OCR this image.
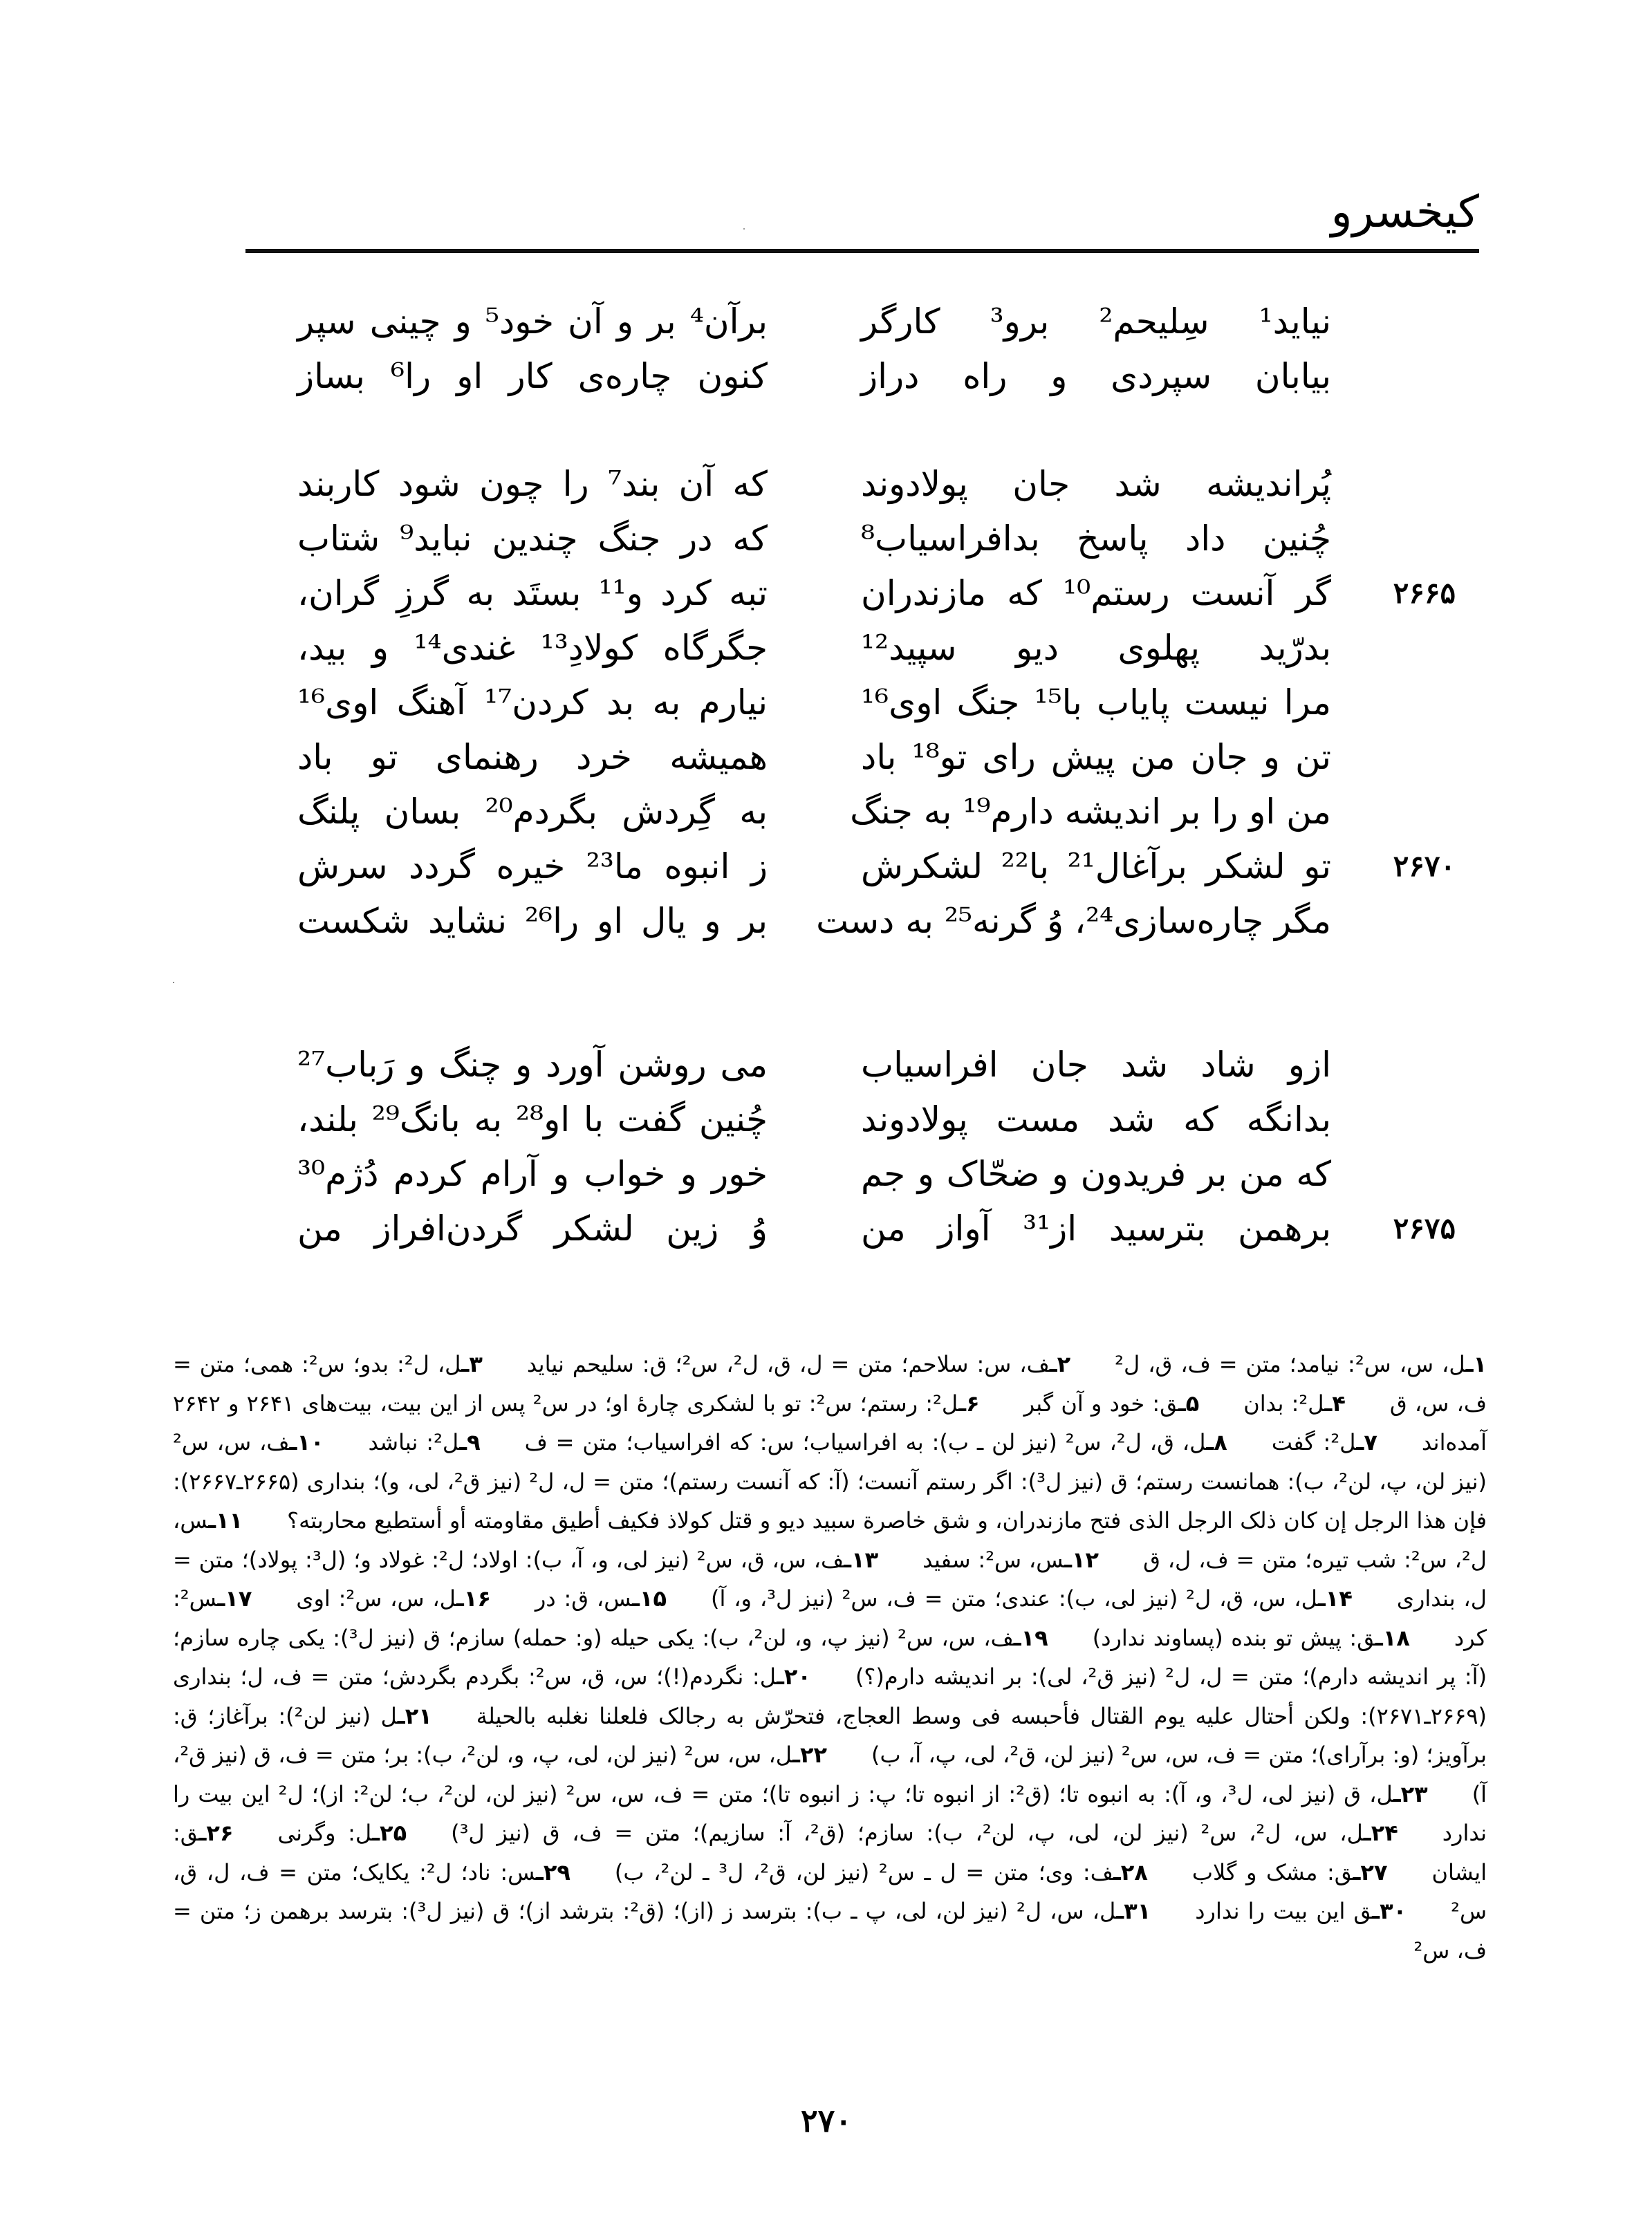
کیخسرو
نیاید¹ سِلیحم² برو³ کارگر
برآن⁴ بر و آن خود⁵ و چینی سپر
بیابان سپردی و راه دراز
کنون چاره‌ی کار او را⁶ بساز
پُراندیشه شد جان پولادوند
که آن بند⁷ را چون شود کاربند
چُنین داد پاسخ بدافراسیاب⁸
که در جنگ چندین نباید⁹ شتاب
۲۶۶۵
گر آنست رستم¹⁰ که مازندران
تبه کرد و¹¹ بستَد به گرزِ گران،
بدرّید پهلوی دیو سپید¹²
جگرگاه کولادِ¹³ غندی¹⁴ و بید،
مرا نیست پایاب با¹⁵ جنگ اوی¹⁶
نیارم به بد کردن¹⁷ آهنگ اوی¹⁶
تن و جان من پیش رای تو¹⁸ باد
همیشه خرد رهنمای تو باد
من او را بر اندیشه دارم¹⁹ به جنگ
به گِردش بگردم²⁰ بسان پلنگ
۲۶۷۰
تو لشکر برآغال²¹ با²² لشکرش
ز انبوه ما²³ خیره گردد سرش
مگر چاره‌سازی²⁴، وُ گرنه²⁵ به دست
بر و یال او را²⁶ نشاید شکست
ازو شاد شد جان افراسیاب
می روشن آورد و چنگ و رَباب²⁷
بدانگه که شد مست پولادوند
چُنین گفت با او²⁸ به بانگ²⁹ بلند،
که من بر فریدون و ضحّاک و جم
خور و خواب و آرام کردم دُژم³⁰
۲۶۷۵
برهمن بترسید از³¹ آواز من
وُ زین لشکر گردن‌افراز من
۱ـل، س، س²: نیامد؛ متن = ف، ق، ل²  ۲ـف، س: سلاحم؛ متن = ل، ق، ل²، س²؛ ق: سلیحم نیاید  ۳ـل، ل²: بدو؛ س²: همی؛ متن = ف، س، ق  ۴ـل²: بدان  ۵ـق: خود و آن گبر  ۶ـل²: رستم؛ س²: تو با لشکری چارهٔ او؛ در س² پس از این بیت، بیت‌های ۲۶۴۱ و ۲۶۴۲ آمده‌اند  ۷ـل²: گفت  ۸ـل، ق، ل²، س² (نیز لن ـ ب): به افراسیاب؛ س: که افراسیاب؛ متن = ف  ۹ـل²: نباشد  ۱۰ـف، س، س² (نیز لن، پ، لن²، ب): همانست رستم؛ ق (نیز ل³): اگر رستم آنست؛ (آ: که آنست رستم)؛ متن = ل، ل² (نیز ق²، لی، و)؛ بنداری (۲۶۶۵ـ۲۶۶۷): فإن هذا الرجل إن کان ذلک الرجل الذی فتح مازندران، و شق خاصرة سبید دیو و قتل کولاذ فکیف أطیق مقاومته أو أستطیع محاربته؟  ۱۱ـس، ل²، س²: شب تیره؛ متن = ف، ل، ق  ۱۲ـس، س²: سفید  ۱۳ـف، س، ق، س² (نیز لی، و، آ، ب): اولاد؛ ل²: غولاد و؛ (ل³: پولاد)؛ متن = ل، بنداری  ۱۴ـل، س، ق، ل² (نیز لی، ب): عندی؛ متن = ف، س² (نیز ل³، و، آ)  ۱۵ـس، ق: در  ۱۶ـل، س، س²: اوی  ۱۷ـس²: کرد  ۱۸ـق: پیش تو بنده (پساوند ندارد)  ۱۹ـف، س، س² (نیز پ، و، لن²، ب): یکی حیله (و: حمله) سازم؛ ق (نیز ل³): یکی چاره سازم؛ (آ: پر اندیشه دارم)؛ متن = ل، ل² (نیز ق²، لی): بر اندیشه دارم(؟)  ۲۰ـل: نگردم(!)؛ س، ق، س²: بگردم بگردش؛ متن = ف، ل؛ بنداری (۲۶۶۹ـ۲۶۷۱): ولکن أحتال علیه یوم القتال فأحبسه فی وسط العجاج، فتحرّش به رجالک فلعلنا نغلبه بالحیلة  ۲۱ـل (نیز لن²): برآغاز؛ ق: برآویز؛ (و: برآرای)؛ متن = ف، س، س² (نیز لن، ق²، لی، پ، آ، ب)  ۲۲ـل، س، س² (نیز لن، لی، پ، و، لن²، ب): بر؛ متن = ف، ق (نیز ق²، آ)  ۲۳ـل، ق (نیز لی، ل³، و، آ): به انبوه تا؛ (ق²: از انبوه تا؛ پ: ز انبوه تا)؛ متن = ف، س، س² (نیز لن، لن²، ب؛ لن²: از)؛ ل² این بیت را ندارد  ۲۴ـل، س، ل²، س² (نیز لن، لی، پ، لن²، ب): سازم؛ (ق²، آ: سازیم)؛ متن = ف، ق (نیز ل³)  ۲۵ـل: وگرنی  ۲۶ـق: ایشان  ۲۷ـق: مشک و گلاب  ۲۸ـف: وی؛ متن = ل ـ س² (نیز لن، ق²، ل³ ـ لن²، ب)  ۲۹ـس: ناد؛ ل²: یکایک؛ متن = ف، ل، ق، س²  ۳۰ـق این بیت را ندارد  ۳۱ـل، س، ل² (نیز لن، لی، پ ـ ب): بترسد ز (از)؛ (ق²: بترشد از)؛ ق (نیز ل³): بترسد برهمن ز؛ متن = ف، س²  
۲۷۰
